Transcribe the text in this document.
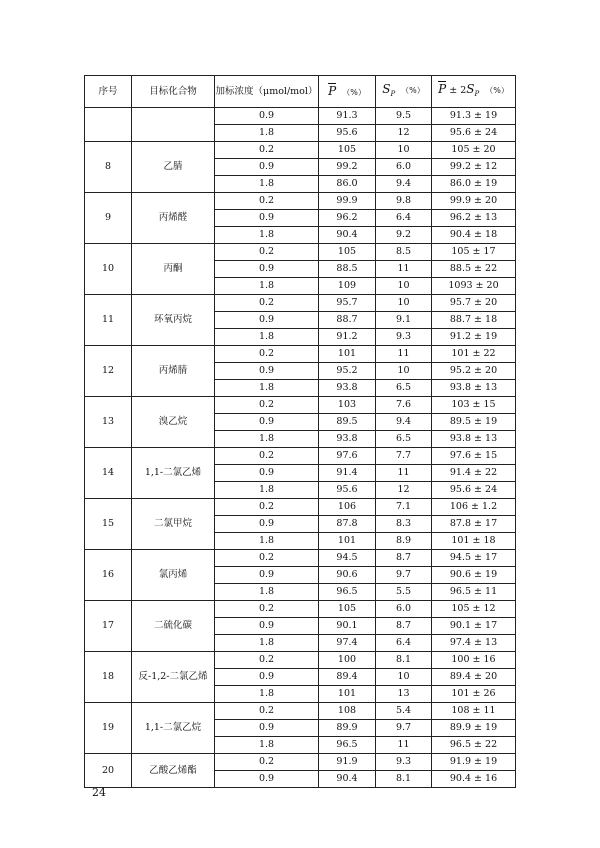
序号	目标化合物	加标浓度（μmol/mol）	P （%）	$S_P$ （%）	$P \pm 2S_P$ （%）
		0.9	91.3	9.5	91.3 ± 19
		1.8	95.6	12	95.6 ± 24
8	乙腈	0.2	105	10	105 ± 20
		0.9	99.2	6.0	99.2 ± 12
		1.8	86.0	9.4	86.0 ± 19
9	丙烯醛	0.2	99.9	9.8	99.9 ± 20
		0.9	96.2	6.4	96.2 ± 13
		1.8	90.4	9.2	90.4 ± 18
10	丙酮	0.2	105	8.5	105 ± 17
		0.9	88.5	11	88.5 ± 22
		1.8	109	10	1093 ± 20
11	环氧丙烷	0.2	95.7	10	95.7 ± 20
		0.9	88.7	9.1	88.7 ± 18
		1.8	91.2	9.3	91.2 ± 19
12	丙烯腈	0.2	101	11	101 ± 22
		0.9	95.2	10	95.2 ± 20
		1.8	93.8	6.5	93.8 ± 13
13	溴乙烷	0.2	103	7.6	103 ± 15
		0.9	89.5	9.4	89.5 ± 19
		1.8	93.8	6.5	93.8 ± 13
14	1,1-二氯乙烯	0.2	97.6	7.7	97.6 ± 15
		0.9	91.4	11	91.4 ± 22
		1.8	95.6	12	95.6 ± 24
15	二氯甲烷	0.2	106	7.1	106 ± 1.2
		0.9	87.8	8.3	87.8 ± 17
		1.8	101	8.9	101 ± 18
16	氯丙烯	0.2	94.5	8.7	94.5 ± 17
		0.9	90.6	9.7	90.6 ± 19
		1.8	96.5	5.5	96.5 ± 11
17	二硫化碳	0.2	105	6.0	105 ± 12
		0.9	90.1	8.7	90.1 ± 17
		1.8	97.4	6.4	97.4 ± 13
18	反-1,2-二氯乙烯	0.2	100	8.1	100 ± 16
		0.9	89.4	10	89.4 ± 20
		1.8	101	13	101 ± 26
19	1,1-二氯乙烷	0.2	108	5.4	108 ± 11
		0.9	89.9	9.7	89.9 ± 19
		1.8	96.5	11	96.5 ± 22
20	乙酸乙烯酯	0.2	91.9	9.3	91.9 ± 19
		0.9	90.4	8.1	90.4 ± 16
24
